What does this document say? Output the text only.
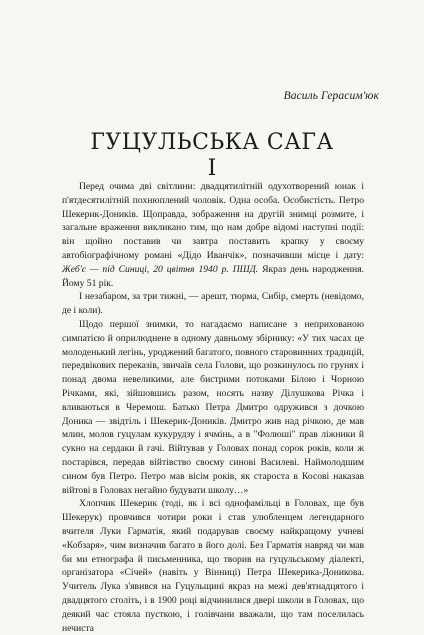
Василь Герасим'юк
ГУЦУЛЬСЬКА САГА
I

Перед очима дві світлини: двадцятилітній одухотворений юнак і п'ятдесятилітній похнюплений чоловік. Одна особа. Особистість. Петро Шекерик-Доників. Щоправда, зображення на другій знимці розмите, і загальне враження викликано тим, що нам добре відомі наступні події: він щойно поставив чи завтра поставить крапку у своєму автобіографічному романі «Дідо Иванчік», позначивши місце і дату: Жеб'є — під Синиці, 20 цвітня 1940 р. ПШД. Якраз день народження. Йому 51 рік.

І незабаром, за три тижні, — арешт, тюрма, Сибір, смерть (невідомо, де і коли).

Щодо першої знимки, то нагадаємо написане з неприхованою симпатією й оприлюднене в одному давньому збірнику: «У тих часах це молоденький легінь, уроджений багатого, повного старовинних традицій, передвікових переказів, звичаїв села Голови, що розкинулось по грунях і понад двома невеликими, але бистрими потоками Білою і Чорною Річками, які, зійшовшись разом, носять назву Ділушкова Річка і вливаються в Черемош. Батько Петра Дмитро одружився з дочкою Доника — звідтіль і Шекерик-Доників. Дмитро жив над річкою, де мав млин, молов гуцулам кукурудзу і ячмінь, а в "Фолюші" прав ліжники й сукно на сердаки й гачі. Війтував у Головах понад сорок років, коли ж постарівся, передав війтівство своєму синові Василеві. Наймолодшим сином був Петро. Петро мав вісім років, як староста в Косові наказав війтові в Головах негайно будувати школу…»

Хлопчик Шекерик (тоді, як і всі однофамільці в Головах, ще був Шекерук) провчився чотири роки і став улюбленцем легендарного вчителя Луки Гарматія, який подарував своєму найкращому учневі «Кобзаря», чим визначив багато в його долі. Без Гарматія навряд чи мав би ми етнографа й письменника, що творив на гуцульському діалекті, організатора «Січей» (навіть у Вінниці) Петра Шекерика-Доникова. Учитель Лука з'явився на Гуцульщині якраз на межі дев'ятнадцятого і двадцятого століть, і в 1900 році відчинилися двері школи в Головах, що деякий час стояла пусткою, і голівчани вважали, що там поселилась нечиста
